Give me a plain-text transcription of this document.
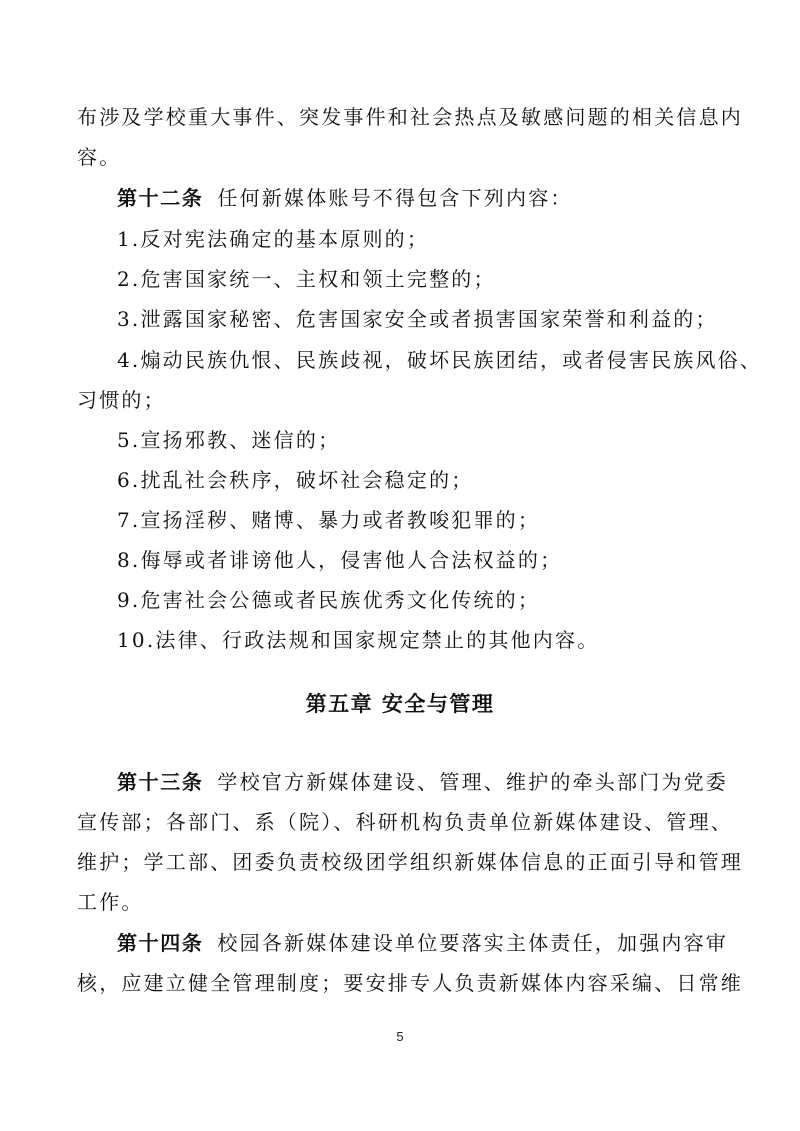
布涉及学校重大事件、突发事件和社会热点及敏感问题的相关信息内
容。
第十二条 任何新媒体账号不得包含下列内容：
1.反对宪法确定的基本原则的；
2.危害国家统一、主权和领土完整的；
3.泄露国家秘密、危害国家安全或者损害国家荣誉和利益的；
4.煽动民族仇恨、民族歧视，破坏民族团结，或者侵害民族风俗、
习惯的；
5.宣扬邪教、迷信的；
6.扰乱社会秩序，破坏社会稳定的；
7.宣扬淫秽、赌博、暴力或者教唆犯罪的；
8.侮辱或者诽谤他人，侵害他人合法权益的；
9.危害社会公德或者民族优秀文化传统的；
10.法律、行政法规和国家规定禁止的其他内容。
第五章 安全与管理
第十三条 学校官方新媒体建设、管理、维护的牵头部门为党委
宣传部；各部门、系（院）、科研机构负责单位新媒体建设、管理、
维护；学工部、团委负责校级团学组织新媒体信息的正面引导和管理
工作。
第十四条 校园各新媒体建设单位要落实主体责任，加强内容审
核，应建立健全管理制度；要安排专人负责新媒体内容采编、日常维
5
